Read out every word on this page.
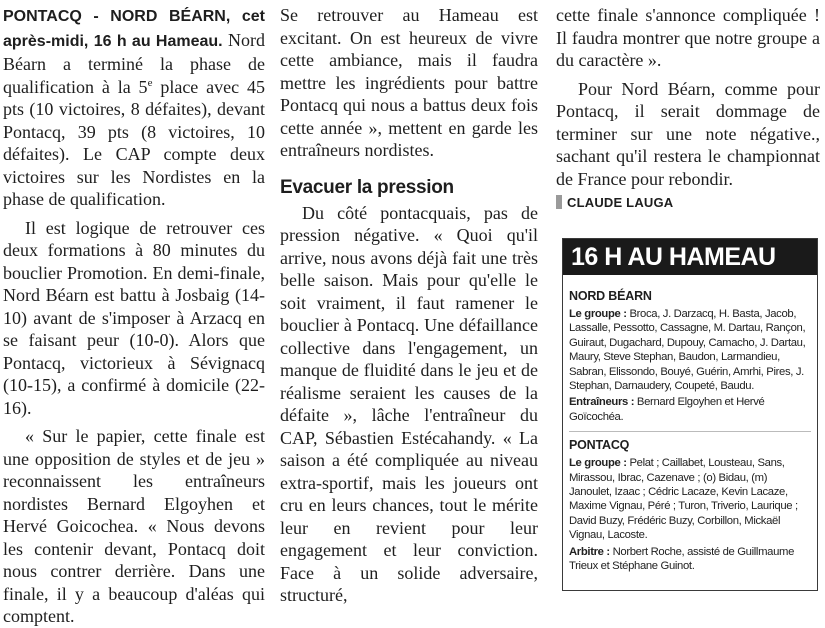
PONTACQ - NORD BÉARN, cet après-midi, 16 h au Hameau. Nord Béarn a terminé la phase de qualification à la 5e place avec 45 pts (10 victoires, 8 défaites), devant Pontacq, 39 pts (8 victoires, 10 défaites). Le CAP compte deux victoires sur les Nordistes en la phase de qualification.

Il est logique de retrouver ces deux formations à 80 minutes du bouclier Promotion. En demi-finale, Nord Béarn est battu à Josbaig (14-10) avant de s'imposer à Arzacq en se faisant peur (10-0). Alors que Pontacq, victorieux à Sévignacq (10-15), a confirmé à domicile (22-16).

« Sur le papier, cette finale est une opposition de styles et de jeu » reconnaissent les entraîneurs nordistes Bernard Elgoyhen et Hervé Goicochea. « Nous devons les contenir devant, Pontacq doit nous contrer derrière. Dans une finale, il y a beaucoup d'aléas qui comptent.

Se retrouver au Hameau est excitant. On est heureux de vivre cette ambiance, mais il faudra mettre les ingrédients pour battre Pontacq qui nous a battus deux fois cette année », mettent en garde les entraîneurs nordistes.

Evacuer la pression

Du côté pontacquais, pas de pression négative. « Quoi qu'il arrive, nous avons déjà fait une très belle saison. Mais pour qu'elle le soit vraiment, il faut ramener le bouclier à Pontacq. Une défaillance collective dans l'engagement, un manque de fluidité dans le jeu et de réalisme seraient les causes de la défaite », lâche l'entraîneur du CAP, Sébastien Estécahandy. « La saison a été compliquée au niveau extra-sportif, mais les joueurs ont cru en leurs chances, tout le mérite leur en revient pour leur engagement et leur conviction. Face à un solide adversaire, structuré,

cette finale s'annonce compliquée ! Il faudra montrer que notre groupe a du caractère ».

Pour Nord Béarn, comme pour Pontacq, il serait dommage de terminer sur une note négative., sachant qu'il restera le championnat de France pour rebondir.

CLAUDE LAUGA
16 H AU HAMEAU
NORD BÉARN

Le groupe : Broca, J. Darzacq, H. Basta, Jacob, Lassalle, Pessotto, Cassagne, M. Dartau, Rançon, Guiraut, Dugachard, Dupouy, Camacho, J. Dartau, Maury, Steve Stephan, Baudon, Larmandieu, Sabran, Elissondo, Bouyé, Guérin, Amrhi, Pires, J. Stephan, Darnaudery, Coupeté, Baudu.

Entraîneurs : Bernard Elgoyhen et Hervé Goïcochéa.

PONTACQ

Le groupe : Pelat ; Caillabet, Lousteau, Sans, Mirassou, Ibrac, Cazenave ; (o) Bidau, (m) Janoulet, Izaac ; Cédric Lacaze, Kevin Lacaze, Maxime Vignau, Péré ; Turon, Triverio, Laurique ; David Buzy, Frédéric Buzy, Corbillon, Mickaël Vignau, Lacoste.

Arbitre : Norbert Roche, assisté de Guillmaume Trieux et Stéphane Guinot.
